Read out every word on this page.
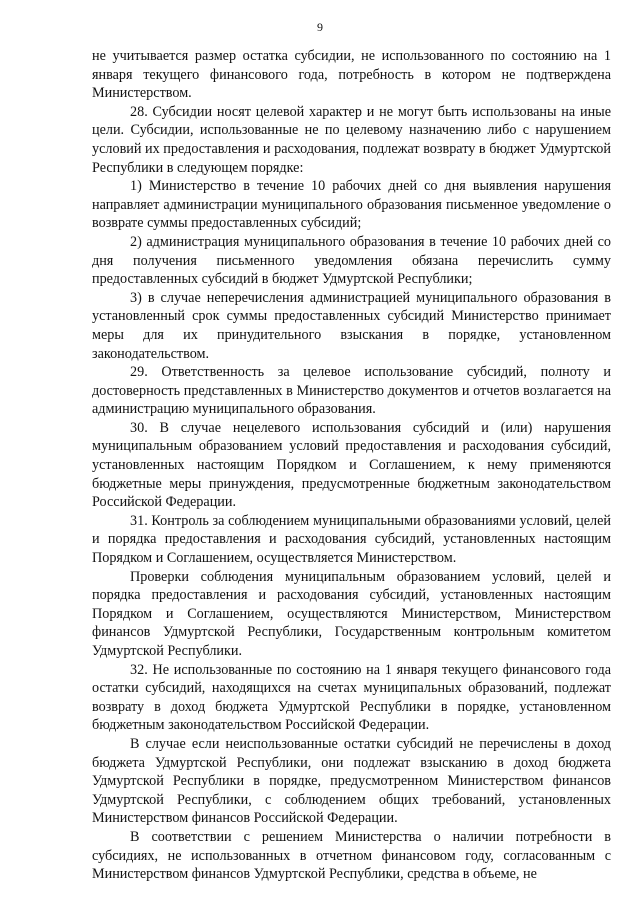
9

не учитывается размер остатка субсидии, не использованного по состоянию на 1 января текущего финансового года, потребность в котором не подтверждена Министерством.

28. Субсидии носят целевой характер и не могут быть использованы на иные цели. Субсидии, использованные не по целевому назначению либо с нарушением условий их предоставления и расходования, подлежат возврату в бюджет Удмуртской Республики в следующем порядке:

1) Министерство в течение 10 рабочих дней со дня выявления нарушения направляет администрации муниципального образования письменное уведомление о возврате суммы предоставленных субсидий;

2) администрация муниципального образования в течение 10 рабочих дней со дня получения письменного уведомления обязана перечислить сумму предоставленных субсидий в бюджет Удмуртской Республики;

3) в случае неперечисления администрацией муниципального образования в установленный срок суммы предоставленных субсидий Министерство принимает меры для их принудительного взыскания в порядке, установленном законодательством.

29. Ответственность за целевое использование субсидий, полноту и достоверность представленных в Министерство документов и отчетов возлагается на администрацию муниципального образования.

30. В случае нецелевого использования субсидий и (или) нарушения муниципальным образованием условий предоставления и расходования субсидий, установленных настоящим Порядком и Соглашением, к нему применяются бюджетные меры принуждения, предусмотренные бюджетным законодательством Российской Федерации.

31. Контроль за соблюдением муниципальными образованиями условий, целей и порядка предоставления и расходования субсидий, установленных настоящим Порядком и Соглашением, осуществляется Министерством.

Проверки соблюдения муниципальным образованием условий, целей и порядка предоставления и расходования субсидий, установленных настоящим Порядком и Соглашением, осуществляются Министерством, Министерством финансов Удмуртской Республики, Государственным контрольным комитетом Удмуртской Республики.

32. Не использованные по состоянию на 1 января текущего финансового года остатки субсидий, находящихся на счетах муниципальных образований, подлежат возврату в доход бюджета Удмуртской Республики в порядке, установленном бюджетным законодательством Российской Федерации.

В случае если неиспользованные остатки субсидий не перечислены в доход бюджета Удмуртской Республики, они подлежат взысканию в доход бюджета Удмуртской Республики в порядке, предусмотренном Министерством финансов Удмуртской Республики, с соблюдением общих требований, установленных Министерством финансов Российской Федерации.

В соответствии с решением Министерства о наличии потребности в субсидиях, не использованных в отчетном финансовом году, согласованным с Министерством финансов Удмуртской Республики, средства в объеме, не
